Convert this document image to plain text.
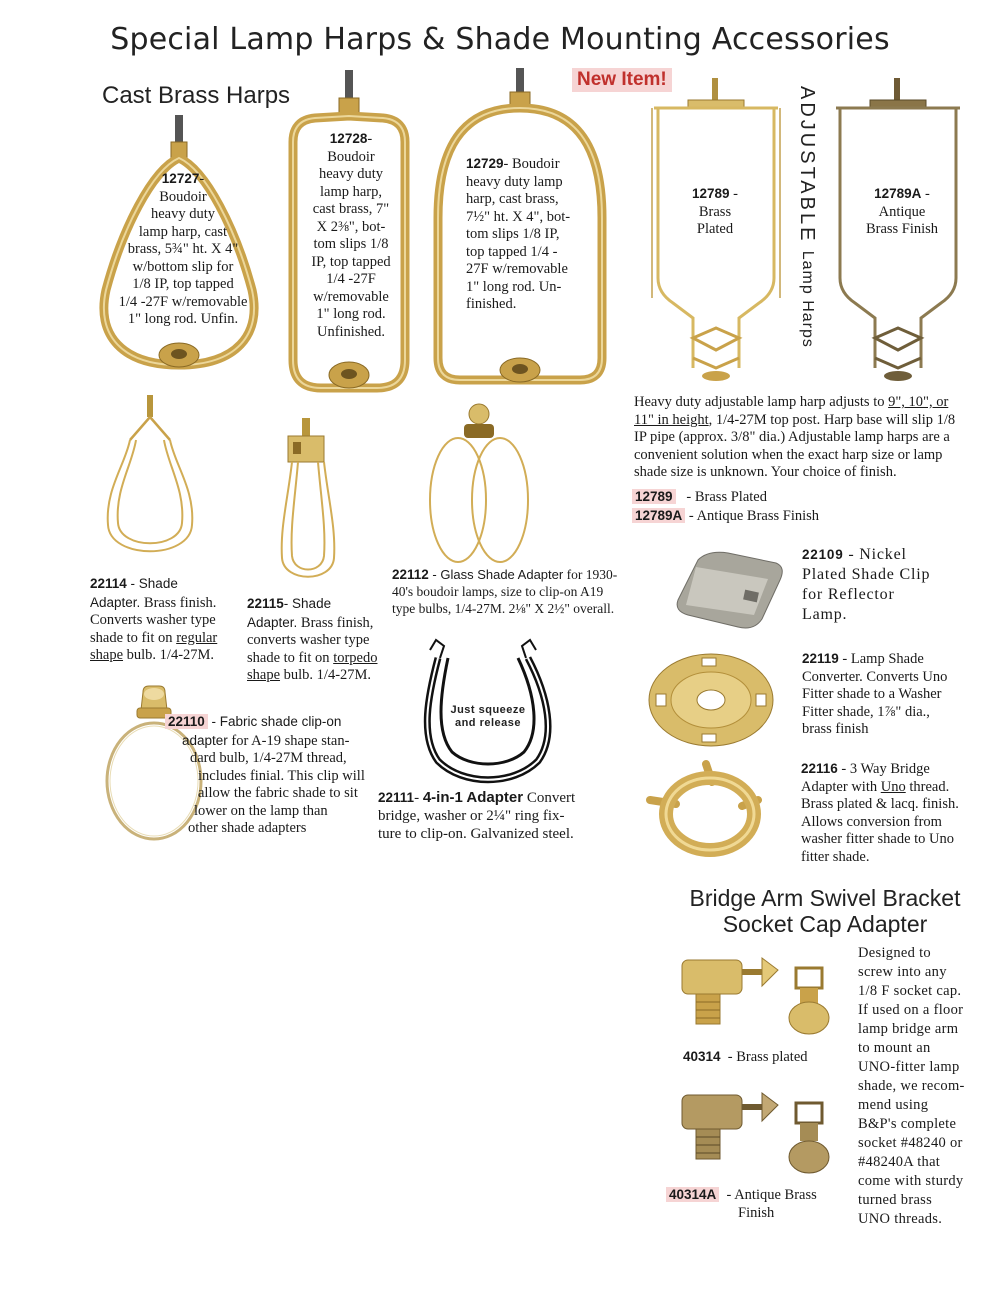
Special Lamp Harps & Shade Mounting Accessories
Cast Brass Harps
New Item!
12727-
Boudoir
heavy duty
lamp harp, cast
brass, 5¾" ht. X 4"
w/bottom slip for
1/8 IP, top tapped
1/4 -27F w/removable
1" long rod. Unfin.
12728-
Boudoir
heavy duty
lamp harp,
cast brass, 7"
X 2⅜", bot-
tom slips 1/8
IP, top tapped
1/4 -27F
w/removable
1" long rod.
Unfinished.
12729- Boudoir
heavy duty lamp
harp, cast brass,
7½" ht. X 4", bot-
tom slips 1/8 IP,
top tapped 1/4 -
27F w/removable
1" long rod. Un-
finished.
12789 -
Brass
Plated
12789A -
Antique
Brass Finish
ADJUSTABLE Lamp Harps
Heavy duty adjustable lamp harp adjusts to 9", 10", or
11" in height, 1/4-27M top post. Harp base will slip 1/8
IP pipe (approx. 3/8" dia.) Adjustable lamp harps are a
convenient solution when the exact harp size or lamp
shade size is unknown. Your choice of finish.
12789 - Brass Plated
12789A - Antique Brass Finish
22114 - Shade
Adapter. Brass finish.
Converts washer type
shade to fit on regular
shape bulb. 1/4-27M.
22115- Shade
Adapter. Brass finish,
converts washer type
shade to fit on torpedo
shape bulb. 1/4-27M.
22112 - Glass Shade Adapter for 1930-
40's boudoir lamps, size to clip-on A19
type bulbs, 1/4-27M. 2⅛" X 2½" overall.
22110 - Fabric shade clip-on
adapter for A-19 shape stan-
dard bulb, 1/4-27M thread,
includes finial. This clip will
allow the fabric shade to sit
lower on the lamp than
other shade adapters
Just squeeze
and release
22111- 4-in-1 Adapter Convert
bridge, washer or 2¼" ring fix-
ture to clip-on. Galvanized steel.
22109 - Nickel
Plated Shade Clip
for Reflector
Lamp.
22119 - Lamp Shade
Converter. Converts Uno
Fitter shade to a Washer
Fitter shade, 1⅞" dia.,
brass finish
22116 - 3 Way Bridge
Adapter with Uno thread.
Brass plated & lacq. finish.
Allows conversion from
washer fitter shade to Uno
fitter shade.
Bridge Arm Swivel Bracket
Socket Cap Adapter
40314  - Brass plated
40314A  - Antique Brass
Finish
Designed to
screw into any
1/8 F socket cap.
If used on a floor
lamp bridge arm
to mount an
UNO-fitter lamp
shade, we recom-
mend using
B&P's complete
socket #48240 or
#48240A that
come with sturdy
turned brass
UNO threads.
